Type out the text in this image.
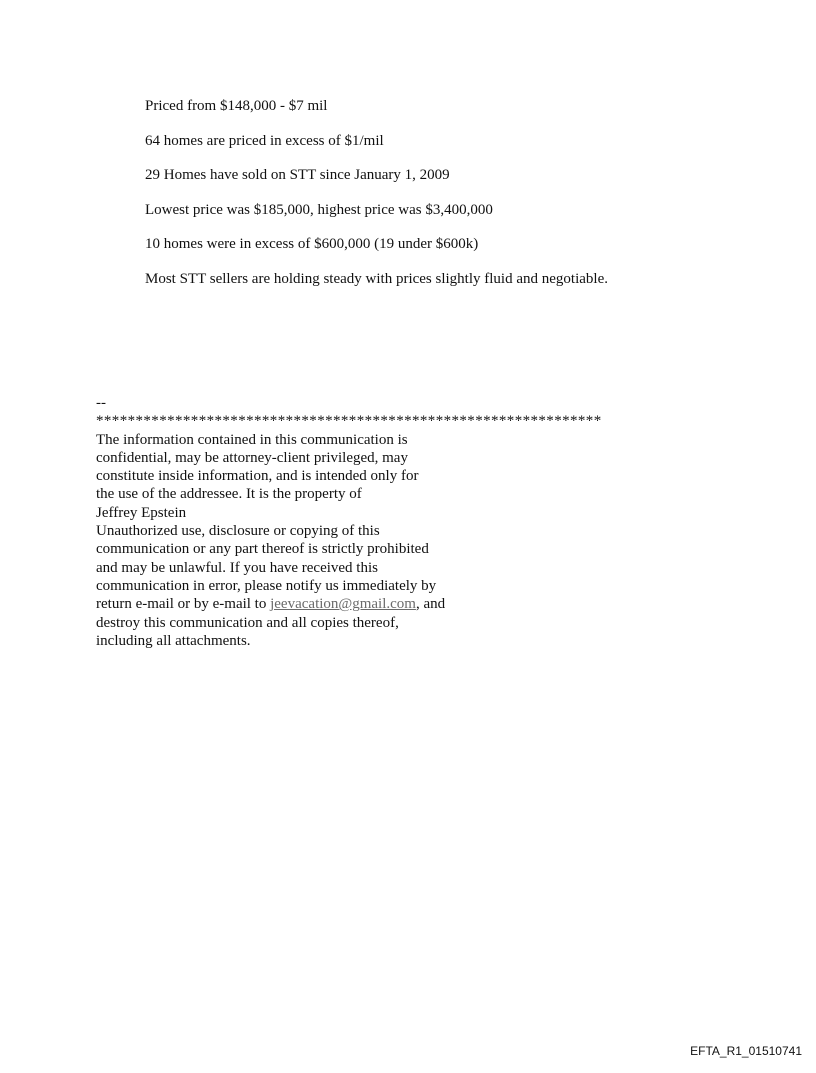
Priced from $148,000 - $7 mil
64 homes are priced in excess of $1/mil
29 Homes have sold on STT since January 1, 2009
Lowest price was $185,000, highest price was $3,400,000
10 homes were in excess of $600,000 (19 under $600k)
Most STT sellers are holding steady with prices slightly fluid and negotiable.
--
****************************************************************
The information contained in this communication is
confidential, may be attorney-client privileged, may
constitute inside information, and is intended only for
the use of the addressee. It is the property of
Jeffrey Epstein
Unauthorized use, disclosure or copying of this
communication or any part thereof is strictly prohibited
and may be unlawful. If you have received this
communication in error, please notify us immediately by
return e-mail or by e-mail to jeevacation@gmail.com, and
destroy this communication and all copies thereof,
including all attachments.
EFTA_R1_01510741
